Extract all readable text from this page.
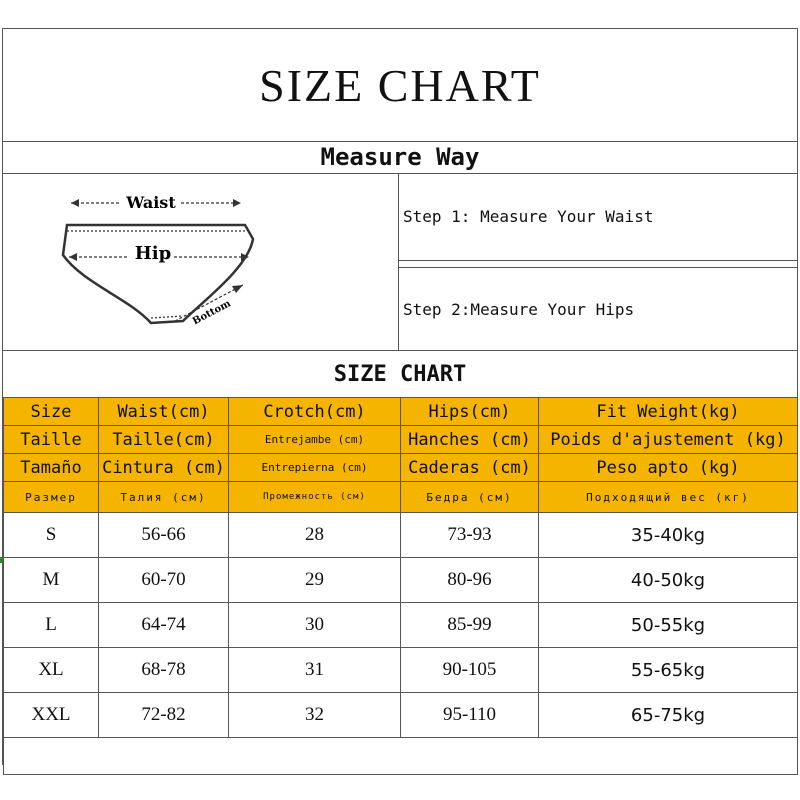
SIZE CHART
Measure Way
Waist
Hip
Bottom
Step 1: Measure Your Waist
Step 2:Measure Your Hips
SIZE CHART
Size	Waist(cm)	Crotch(cm)	Hips(cm)	Fit Weight(kg)
Taille	Taille(cm)	Entrejambe (cm)	Hanches (cm)	Poids d'ajustement (kg)
Tamaño	Cintura (cm)	Entrepierna (cm)	Caderas (cm)	Peso apto (kg)
Размер	Талия (см)	Промежность (см)	Бедра (см)	Подходящий вес (кг)
S	56-66	28	73-93	35-40kg
M	60-70	29	80-96	40-50kg
L	64-74	30	85-99	50-55kg
XL	68-78	31	90-105	55-65kg
XXL	72-82	32	95-110	65-75kg
